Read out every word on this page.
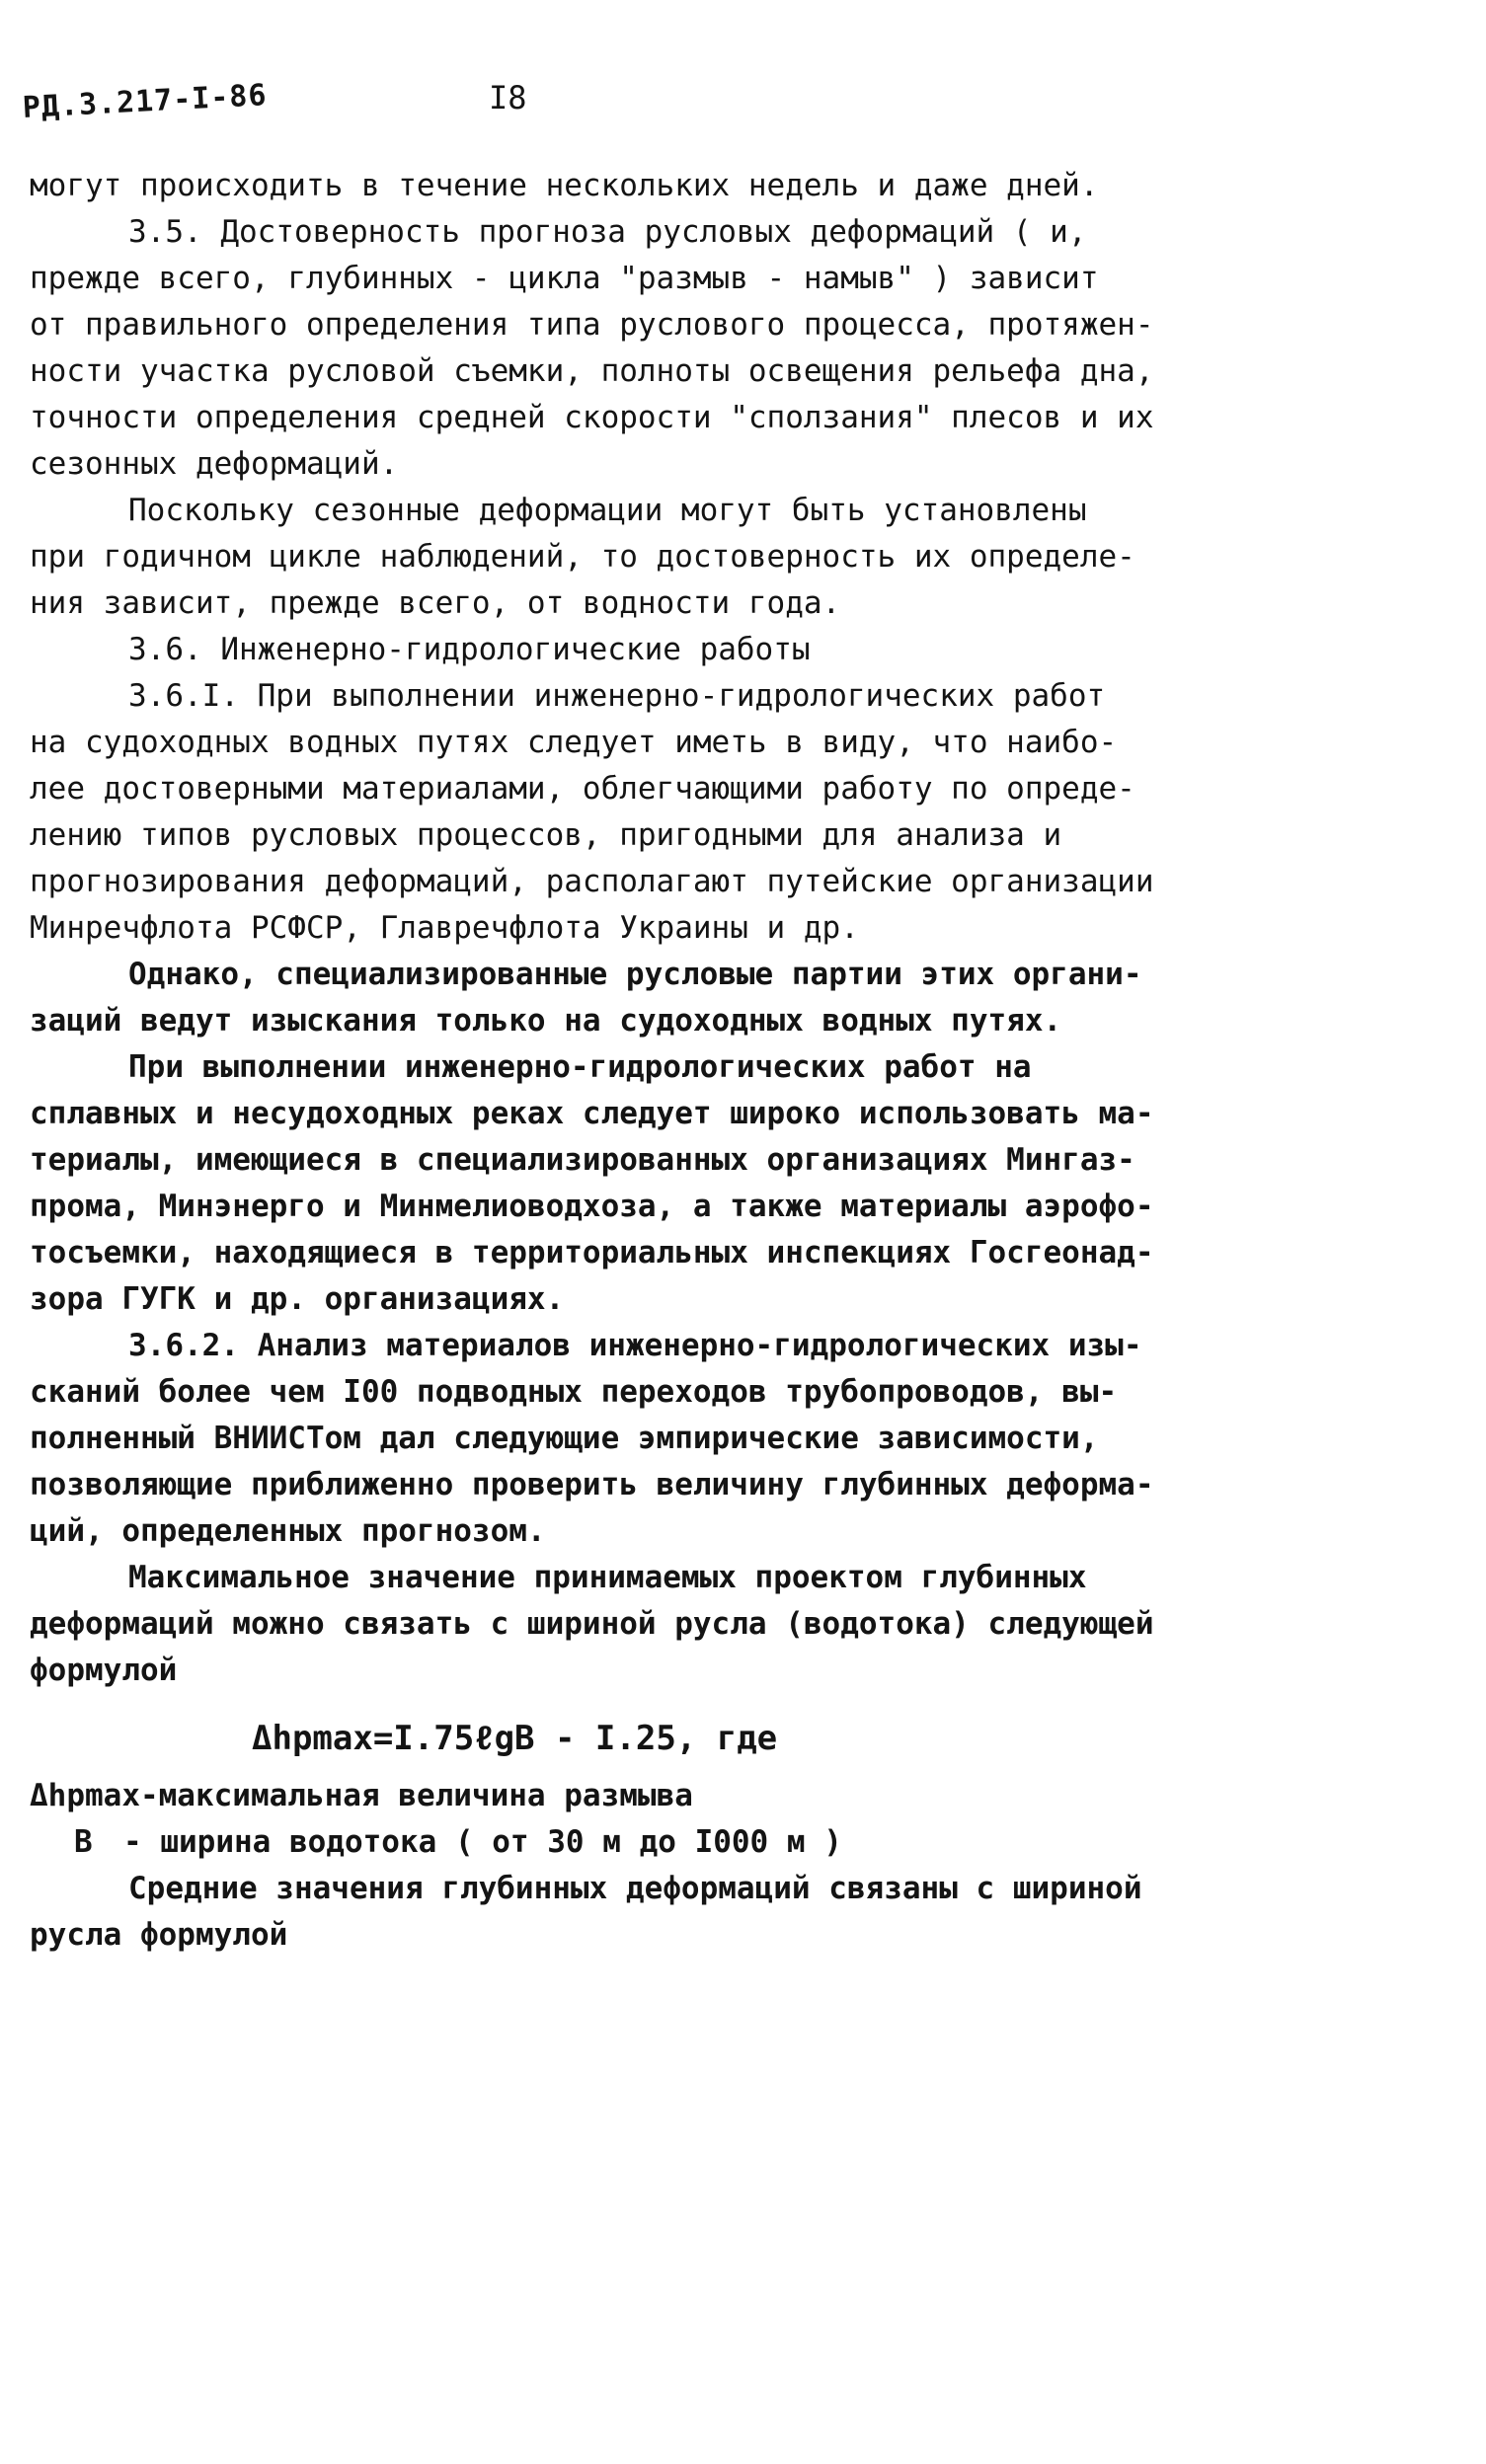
РД.3.217-I-86	I8
могут происходить в течение нескольких недель и даже дней.
3.5. Достоверность прогноза русловых деформаций ( и,
прежде всего, глубинных - цикла "размыв - намыв" ) зависит
от правильного определения типа руслового процесса, протяжен-
ности участка русловой съемки, полноты освещения рельефа дна,
точности определения средней скорости "сползания" плесов и их
сезонных деформаций.
Поскольку сезонные деформации могут быть установлены
при годичном цикле наблюдений, то достоверность их определе-
ния зависит, прежде всего, от водности года.
3.6. Инженерно-гидрологические работы
3.6.I. При выполнении инженерно-гидрологических работ
на судоходных водных путях следует иметь в виду, что наибо-
лее достоверными материалами, облегчающими работу по опреде-
лению типов русловых процессов, пригодными для анализа и
прогнозирования деформаций, располагают путейские организации
Минречфлота РСФСР, Главречфлота Украины и др.
Однако, специализированные русловые партии этих органи-
заций ведут изыскания только на судоходных водных путях.
При выполнении инженерно-гидрологических работ на
сплавных и несудоходных реках следует широко использовать ма-
териалы, имеющиеся в специализированных организациях Мингаз-
прома, Минэнерго и Минмелиоводхоза, а также материалы аэрофо-
тосъемки, находящиеся в территориальных инспекциях Госгеонад-
зора ГУГК и др. организациях.
3.6.2. Анализ материалов инженерно-гидрологических изы-
сканий более чем I00 подводных переходов трубопроводов, вы-
полненный ВНИИСТом дал следующие эмпирические зависимости,
позволяющие приближенно проверить величину глубинных деформа-
ций, определенных прогнозом.
Максимальное значение принимаемых проектом глубинных
деформаций можно связать с шириной русла (водотока) следующей
формулой
Δhpmax=I.75ℓgB - I.25, где
Δhpmax-максимальная величина размыва
B - ширина водотока ( от 30 м до I000 м )
Средние значения глубинных деформаций связаны с шириной
русла формулой
